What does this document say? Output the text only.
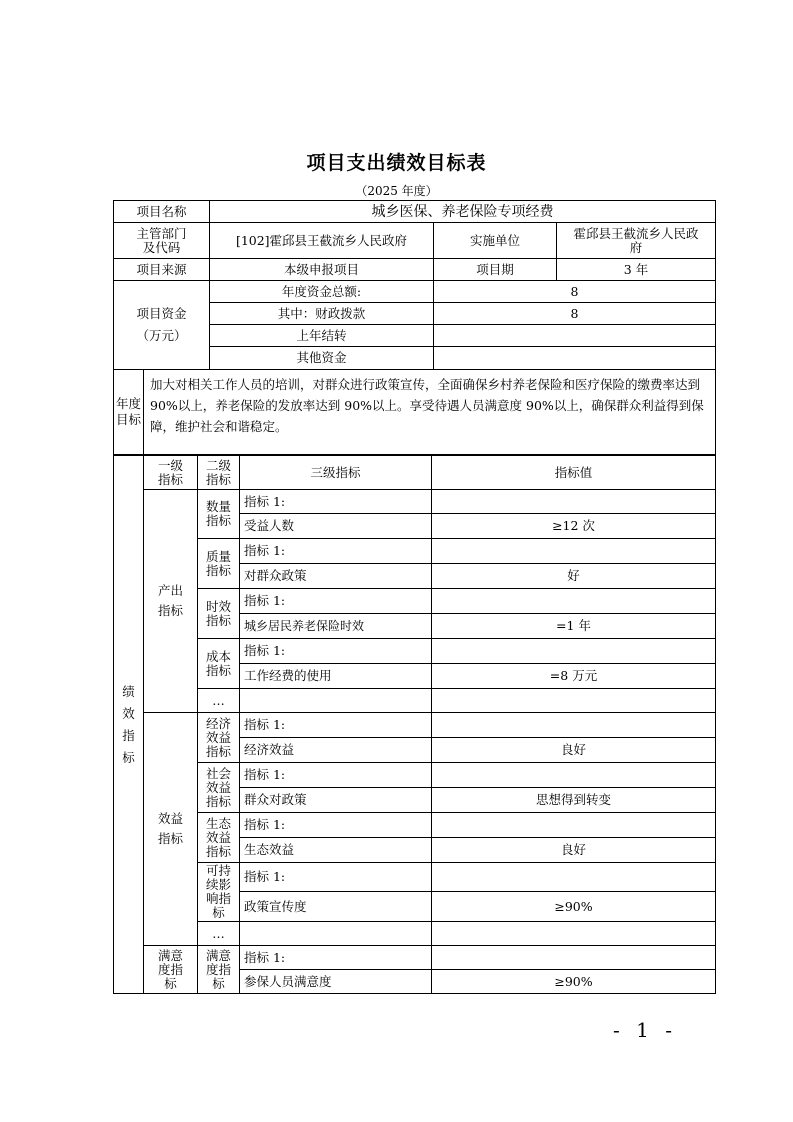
项目支出绩效目标表
（2025 年度）
项目名称	城乡医保、养老保险专项经费		
主管部门及代码	[102]霍邱县王截流乡人民政府	实施单位	霍邱县王截流乡人民政府
项目来源	本级申报项目	项目期	3 年
项目资金
（万元）		年度资金总额:	8
		其中：财政拨款	8
		上年结转	
		其他资金	
年度目标	加大对相关工作人员的培训，对群众进行政策宣传，全面确保乡村养老保险和医疗保险的缴费率达到 90%以上，养老保险的发放率达到 90%以上。享受待遇人员满意度 90%以上，确保群众利益得到保障，维护社会和谐稳定。		
绩效指标	一级指标	二级指标	三级指标	指标值
	产出指标	数量指标	指标 1:	
			受益人数	≥12 次
		质量指标	指标 1:	
			对群众政策	好
		时效指标	指标 1:	
			城乡居民养老保险时效	=1 年
		成本指标	指标 1:	
			工作经费的使用	=8 万元
		…		
	效益指标	经济效益指标	指标 1:	
			经济效益	良好
		社会效益指标	指标 1:	
			群众对政策	思想得到转变
		生态效益指标	指标 1:	
			生态效益	良好
		可持续影响指标	指标 1:	
			政策宣传度	≥90%
		…		
	满意度指标	满意度指标	指标 1:	
			参保人员满意度	≥90%
- 1 -
